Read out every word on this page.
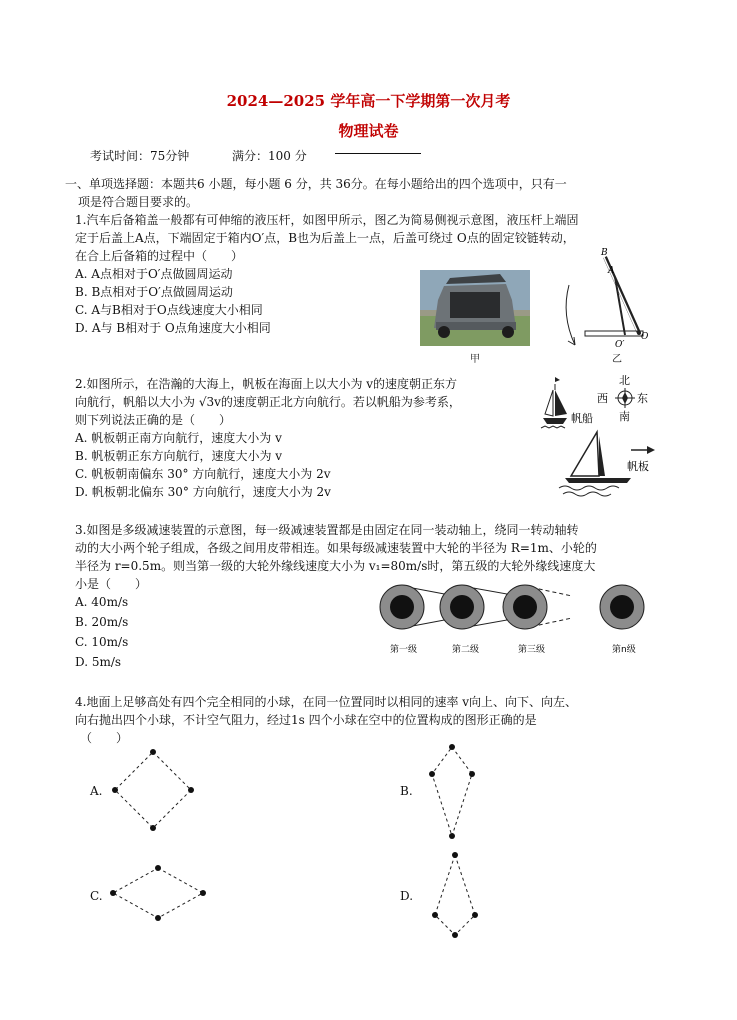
2024—2025 学年高一下学期第一次月考
物理试卷
考试时间：75分钟	满分：100 分
一、单项选择题：本题共6 小题，每小题 6 分，共 36分。在每小题给出的四个选项中，只有一
项是符合题目要求的。
1.汽车后备箱盖一般都有可伸缩的液压杆，如图甲所示，图乙为简易侧视示意图，液压杆上端固
定于后盖上A点，下端固定于箱内O′点，B也为后盖上一点，后盖可绕过 O点的固定铰链转动，
在合上后备箱的过程中（　　）
A. A点相对于O′点做圆周运动
B. B点相对于O′点做圆周运动
C. A与B相对于O点线速度大小相同
D. A与 B相对于 O点角速度大小相同
甲
B
A
O
O′
乙
2.如图所示，在浩瀚的大海上，帆板在海面上以大小为 v的速度朝正东方
向航行，帆船以大小为 √3v的速度朝正北方向航行。若以帆船为参考系，
则下列说法正确的是（　　）
A. 帆板朝正南方向航行，速度大小为 v
B. 帆板朝正东方向航行，速度大小为 v
C. 帆板朝南偏东 30° 方向航行，速度大小为 2v
D. 帆板朝北偏东 30° 方向航行，速度大小为 2v
北
西	东
南
帆船
帆板
3.如图是多级减速装置的示意图，每一级减速装置都是由固定在同一装动轴上，绕同一转动轴转
动的大小两个轮子组成，各级之间用皮带相连。如果每级减速装置中大轮的半径为 R=1m、小轮的
半径为 r=0.5m。则当第一级的大轮外缘线速度大小为 v₁=80m/s时，第五级的大轮外缘线速度大
小是（　　）
A. 40m/s
B. 20m/s
C. 10m/s
D. 5m/s
第一级	第二级	第三级	第n级
4.地面上足够高处有四个完全相同的小球，在同一位置同时以相同的速率 v向上、向下、向左、
向右抛出四个小球，不计空气阻力，经过1s 四个小球在空中的位置构成的图形正确的是
（　　）
A.	B.
C.	D.
